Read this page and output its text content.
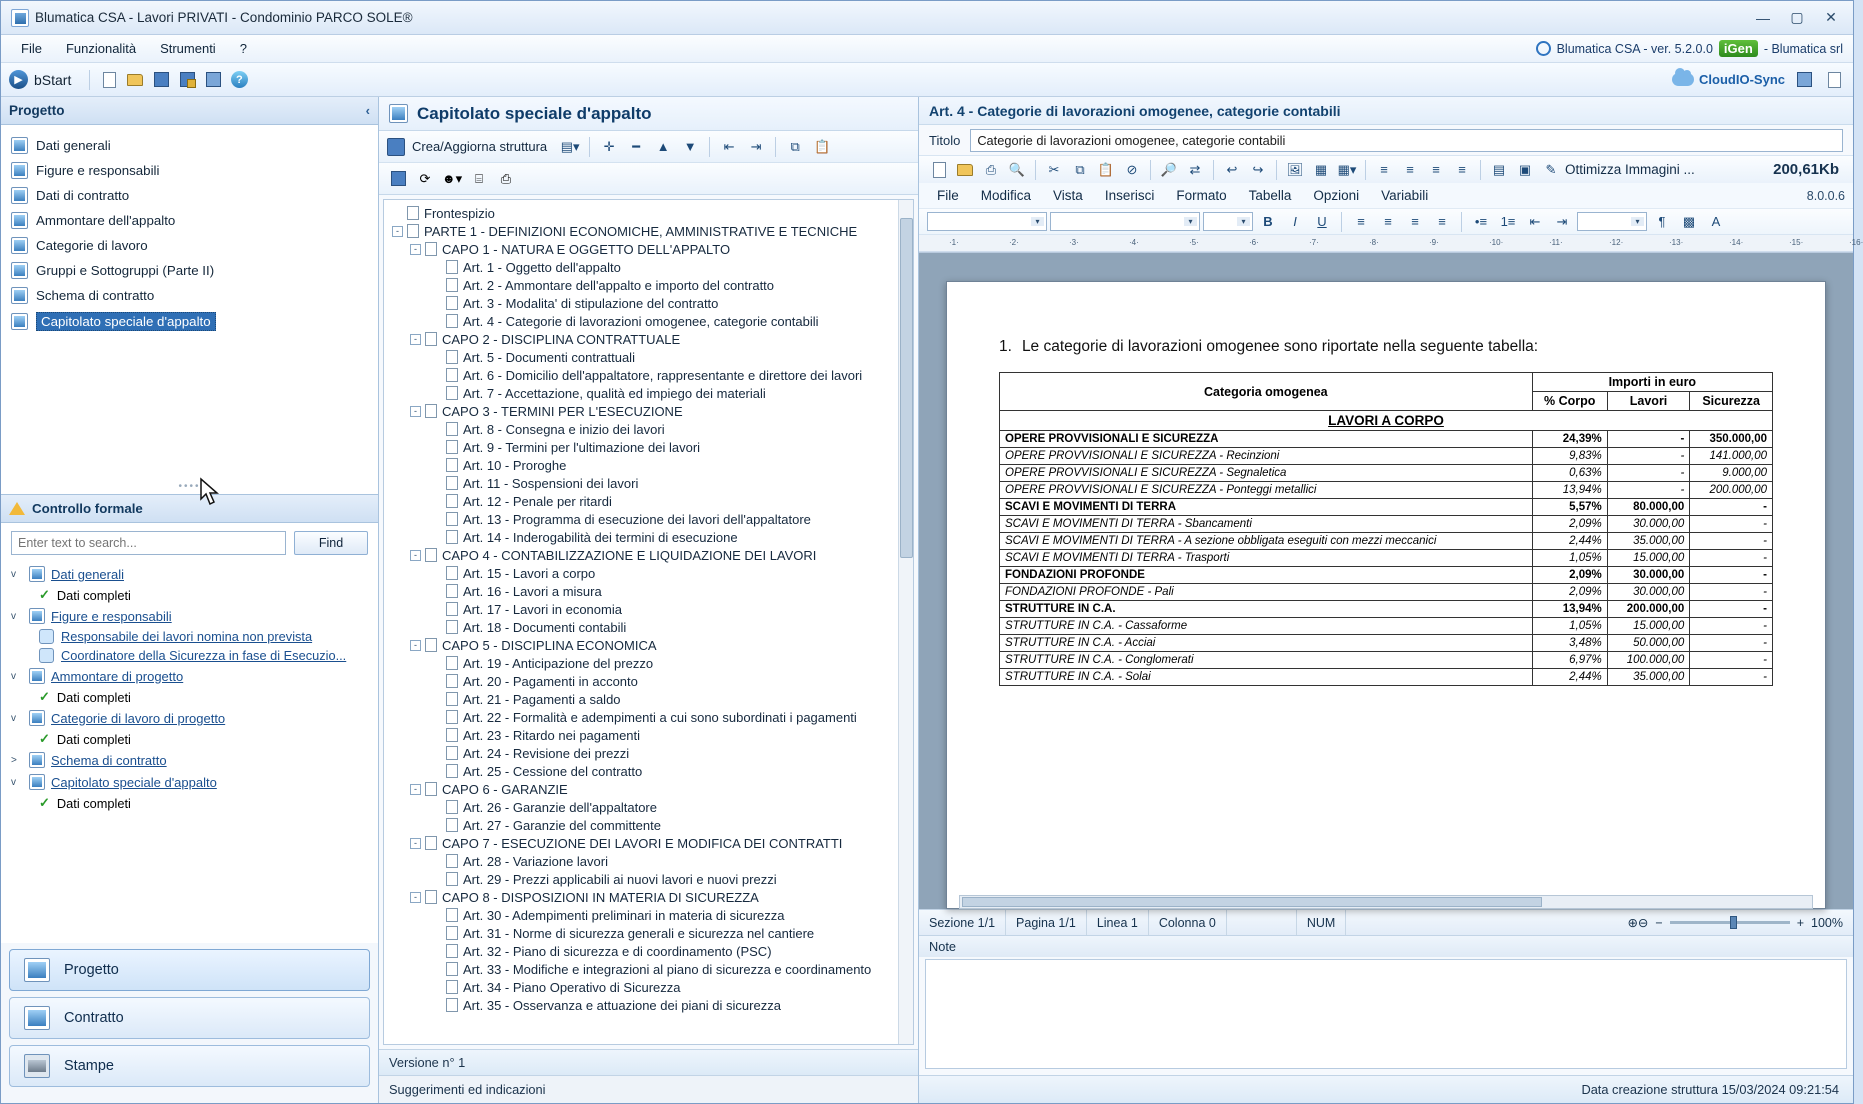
Blumatica CSA - Lavori PRIVATI - Condominio PARCO SOLE®	—	▢	✕
File	Funzionalità	Strumenti	?	Blumatica CSA - ver. 5.2.0.0 iGen - Blumatica srl
▶ bStart	?	CloudIO-Sync
Progetto	‹
Dati generali
Figure e responsabili
Dati di contratto
Ammontare dell'appalto
Categorie di lavoro
Gruppi e Sottogruppi (Parte II)
Schema di contratto
Capitolato speciale d'appalto
••••
Controllo formale
Enter text to search...
Find
v	Dati generali
✓ Dati completi
v	Figure e responsabili
Responsabile dei lavori nomina non prevista
Coordinatore della Sicurezza in fase di Esecuzio...
v	Ammontare di progetto
✓ Dati completi
v	Categorie di lavoro di progetto
✓ Dati completi
>	Schema di contratto
v	Capitolato speciale d'appalto
✓ Dati completi
Progetto
Contratto
Stampe
Capitolato speciale d'appalto
Crea/Aggiorna struttura ▤▾	✛	━	▲	▼	⇤	⇥	⧉	📋
⟳ ☻▾ ⌸	⎙
Frontespizio
-	PARTE 1 - DEFINIZIONI ECONOMICHE, AMMINISTRATIVE E TECNICHE
-	CAPO 1 - NATURA E OGGETTO DELL'APPALTO
Art. 1 - Oggetto dell'appalto
Art. 2 - Ammontare dell'appalto e importo del contratto
Art. 3 - Modalita' di stipulazione del contratto
Art. 4 - Categorie di lavorazioni omogenee, categorie contabili
-	CAPO 2 - DISCIPLINA CONTRATTUALE
Art. 5 - Documenti contrattuali
Art. 6 - Domicilio dell'appaltatore, rappresentante e direttore dei lavori
Art. 7 - Accettazione, qualità ed impiego dei materiali
-	CAPO 3 - TERMINI PER L'ESECUZIONE
Art. 8 - Consegna e inizio dei lavori
Art. 9 - Termini per l'ultimazione dei lavori
Art. 10 - Proroghe
Art. 11 - Sospensioni dei lavori
Art. 12 - Penale per ritardi
Art. 13 - Programma di esecuzione dei lavori dell'appaltatore
Art. 14 - Inderogabilità dei termini di esecuzione
-	CAPO 4 - CONTABILIZZAZIONE E LIQUIDAZIONE DEI LAVORI
Art. 15 - Lavori a corpo
Art. 16 - Lavori a misura
Art. 17 - Lavori in economia
Art. 18 - Documenti contabili
-	CAPO 5 - DISCIPLINA ECONOMICA
Art. 19 - Anticipazione del prezzo
Art. 20 - Pagamenti in acconto
Art. 21 - Pagamenti a saldo
Art. 22 - Formalità e adempimenti a cui sono subordinati i pagamenti
Art. 23 - Ritardo nei pagamenti
Art. 24 - Revisione dei prezzi
Art. 25 - Cessione del contratto
-	CAPO 6 - GARANZIE
Art. 26 - Garanzie dell'appaltatore
Art. 27 - Garanzie del committente
-	CAPO 7 - ESECUZIONE DEI LAVORI E MODIFICA DEI CONTRATTI
Art. 28 - Variazione lavori
Art. 29 - Prezzi applicabili ai nuovi lavori e nuovi prezzi
-	CAPO 8 - DISPOSIZIONI IN MATERIA DI SICUREZZA
Art. 30 - Adempimenti preliminari in materia di sicurezza
Art. 31 - Norme di sicurezza generali e sicurezza nel cantiere
Art. 32 - Piano di sicurezza e di coordinamento (PSC)
Art. 33 - Modifiche e integrazioni al piano di sicurezza e coordinamento
Art. 34 - Piano Operativo di Sicurezza
Art. 35 - Osservanza e attuazione dei piani di sicurezza
Versione n° 1
Suggerimenti ed indicazioni
Art. 4 - Categorie di lavorazioni omogenee, categorie contabili
Titolo
Categorie di lavorazioni omogenee, categorie contabili
⎙ 🔍	✂	⧉	📋 ⊘	🔎 ⇄	↩	↪	🖼 ▦ ▦▾	≡	≡	≡	≡	▤	▣	✎ Ottimizza Immagini ...	200,61Kb
File	Modifica	Vista	Inserisci	Formato	Tabella	Opzioni	Variabili	8.0.0.6
▾	▾	▾	B I U	≡	≡	≡	≡	•≡	1≡	⇤	⇥	▾	¶	▩	A
·1·	·2·	·3·	·4·	·5·	·6·	·7·	·8·	·9·	·10·	·11·	·12·	·13·	·14·	·15·	·16·
1. Le categorie di lavorazioni omogenee sono riportate nella seguente tabella:
Categoria omogenea	Importi in euro		
	% Corpo	Lavori	Sicurezza
LAVORI A CORPO			
OPERE PROVVISIONALI E SICUREZZA	24,39%	-	350.000,00
OPERE PROVVISIONALI E SICUREZZA - Recinzioni	9,83%	-	141.000,00
OPERE PROVVISIONALI E SICUREZZA - Segnaletica	0,63%	-	9.000,00
OPERE PROVVISIONALI E SICUREZZA - Ponteggi metallici	13,94%	-	200.000,00
SCAVI E MOVIMENTI DI TERRA	5,57%	80.000,00	-
SCAVI E MOVIMENTI DI TERRA - Sbancamenti	2,09%	30.000,00	-
SCAVI E MOVIMENTI DI TERRA - A sezione obbligata eseguiti con mezzi meccanici	2,44%	35.000,00	-
SCAVI E MOVIMENTI DI TERRA - Trasporti	1,05%	15.000,00	-
FONDAZIONI PROFONDE	2,09%	30.000,00	-
FONDAZIONI PROFONDE - Pali	2,09%	30.000,00	-
STRUTTURE IN C.A.	13,94%	200.000,00	-
STRUTTURE IN C.A. - Cassaforme	1,05%	15.000,00	-
STRUTTURE IN C.A. - Acciai	3,48%	50.000,00	-
STRUTTURE IN C.A. - Conglomerati	6,97%	100.000,00	-
STRUTTURE IN C.A. - Solai	2,44%	35.000,00	-
Sezione 1/1	Pagina 1/1	Linea 1	Colonna 0	NUM	⊕⊖ −	+ 100%
Note
Data creazione struttura 15/03/2024 09:21:54
